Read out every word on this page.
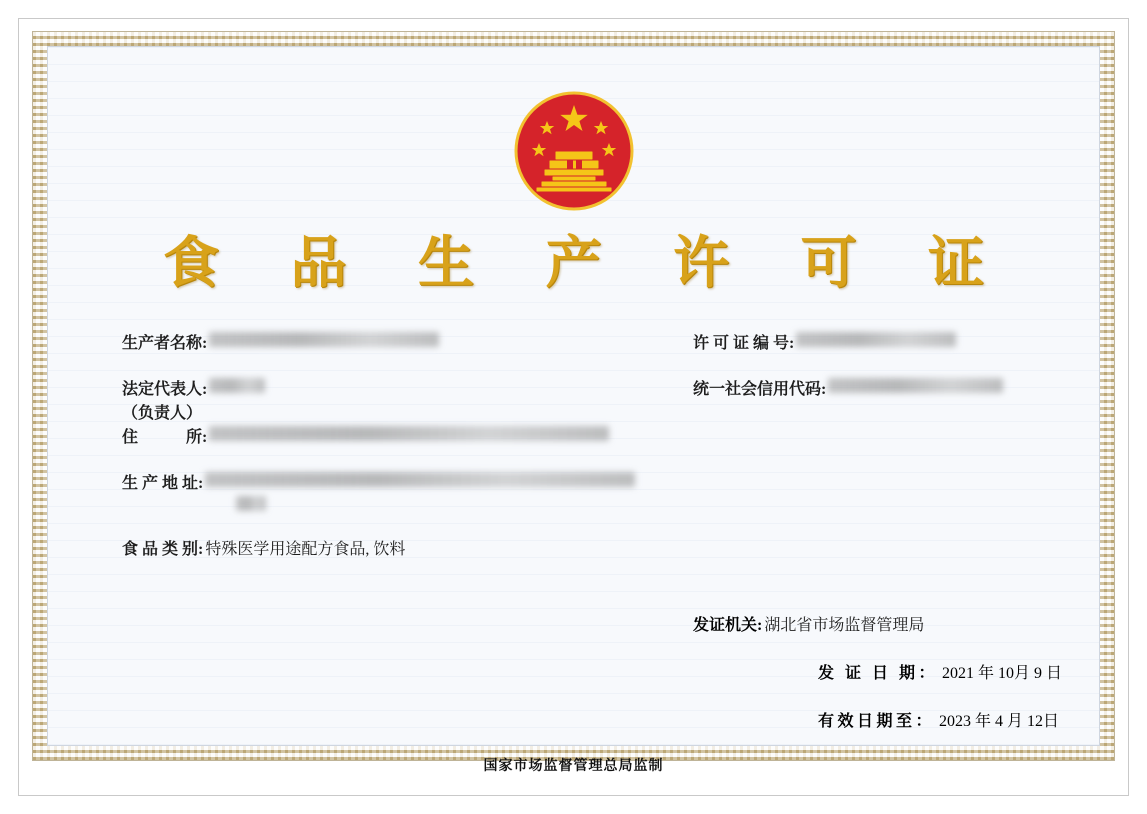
食 品 生 产 许 可 证
生产者名称:
法定代表人:
（负责人）
住　　　所:
生 产 地 址:
食 品 类 别: 特殊医学用途配方食品, 饮料
许 可 证 编 号:
统一社会信用代码:
发证机关: 湖北省市场监督管理局
发 证 日 期： 2021 年 10月 9 日
有效日期至： 2023 年 4 月 12日
国家市场监督管理总局监制
